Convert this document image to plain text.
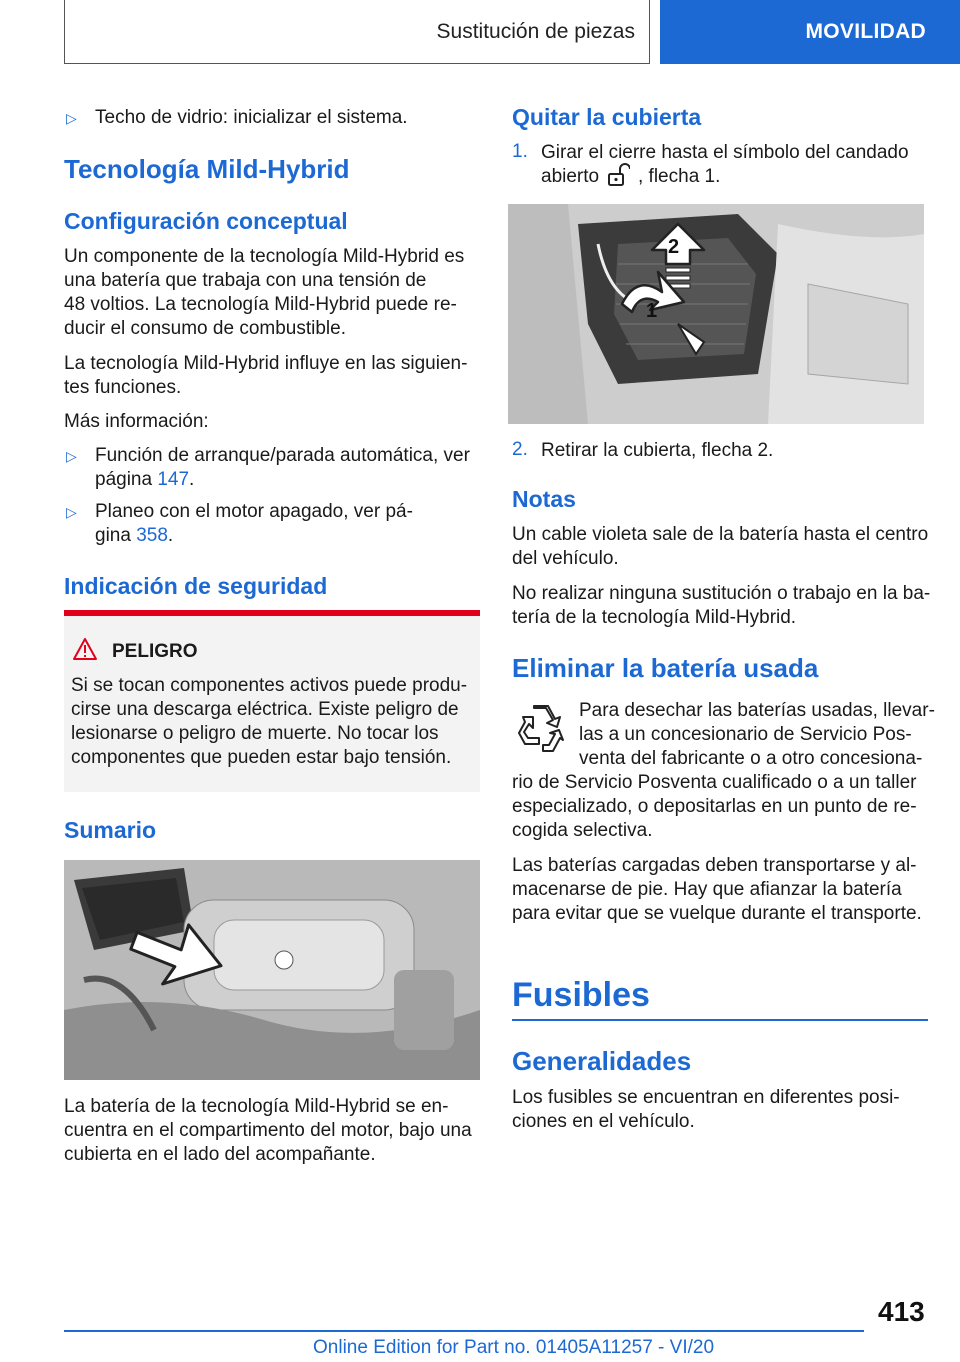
Sustitución de piezas	MOVILIDAD
▷ Techo de vidrio: inicializar el sistema.
Tecnología Mild-Hybrid
Configuración conceptual
Un componente de la tecnología Mild-Hybrid es
una batería que trabaja con una tensión de
48 voltios. La tecnología Mild-Hybrid puede re-
ducir el consumo de combustible.
La tecnología Mild-Hybrid influye en las siguien-
tes funciones.
Más información:
▷ Función de arranque/parada automática, ver
página 147.
▷ Planeo con el motor apagado, ver pá-
gina 358.
Indicación de seguridad
PELIGRO
Si se tocan componentes activos puede produ-
cirse una descarga eléctrica. Existe peligro de
lesionarse o peligro de muerte. No tocar los
componentes que pueden estar bajo tensión.
Sumario
La batería de la tecnología Mild-Hybrid se en-
cuentra en el compartimento del motor, bajo una
cubierta en el lado del acompañante.
Quitar la cubierta
1. Girar el cierre hasta el símbolo del candado
abierto , flecha 1.
2
1
2. Retirar la cubierta, flecha 2.
Notas
Un cable violeta sale de la batería hasta el centro
del vehículo.
No realizar ninguna sustitución o trabajo en la ba-
tería de la tecnología Mild-Hybrid.
Eliminar la batería usada
Para desechar las baterías usadas, llevar-
las a un concesionario de Servicio Pos-
venta del fabricante o a otro concesiona-
rio de Servicio Posventa cualificado o a un taller
especializado, o depositarlas en un punto de re-
cogida selectiva.
Las baterías cargadas deben transportarse y al-
macenarse de pie. Hay que afianzar la batería
para evitar que se vuelque durante el transporte.
Fusibles
Generalidades
Los fusibles se encuentran en diferentes posi-
ciones en el vehículo.
413
Online Edition for Part no. 01405A11257 - VI/20
